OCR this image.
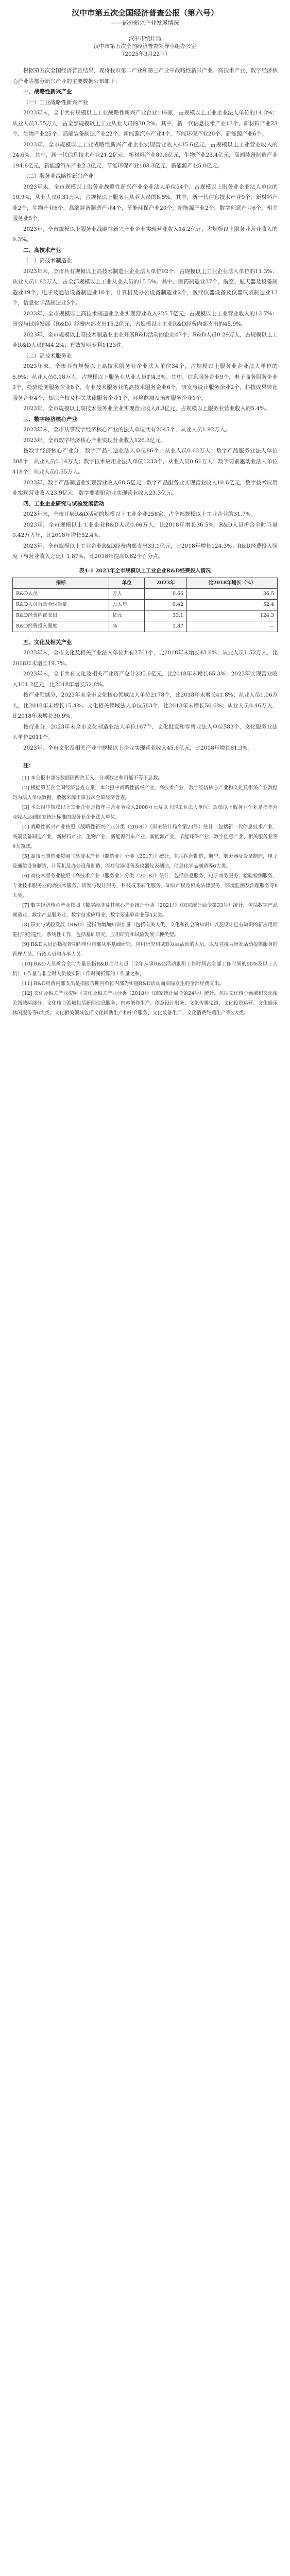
汉中市第五次全国经济普查公报（第六号）
——部分新兴产业发展情况
汉中市统计局
汉中市第五次全国经济普查领导小组办公室
（2025年3月22日）

根据第五次全国经济普查结果，现将我市第二产业和第三产业中战略性新兴产业、高技术产业、数字经济核心产业等部分新兴产业的主要数据公布如下：

一、战略性新兴产业
（一）工业战略性新兴产业

2023年末，全市共有规模以上工业战略性新兴产业企业116家，占规模以上工业企业法人单位的14.3%；从业人员3.55万人，占全部规模以上工业从业人员的30.2%。其中，新一代信息技术产业13个，新材料产业23个，生物产业25个，高端装备制造产业22个，新能源汽车产业4个，节能环保产业20个，新能源产业6个。

2023年，全市规模以上工业战略性新兴产业企业实现营业收入435.6亿元，占规模以上工业营业收入的24.6%。其中，新一代信息技术产业21.2亿元，新材料产业80.6亿元，生物产业23.4亿元，高端装备制造产业194.8亿元，新能源汽车产业2.3亿元，节能环保产业108.3亿元，新能源产业5.0亿元。

（二）服务业战略性新兴产业

2023年末，全市规模以上服务业战略性新兴产业企业法人单位54个，占规模以上服务业企业法人单位的10.9%；从业人员0.31万人，占规模以上服务业从业人员的8.5%。其中，新一代信息技术产业9个，新材料产业2个，生物产业6个，高端装备制造产业4个，节能环保产业20个，新能源产业2个，数字创意产业6个，相关服务业5个。

2023年，全市规模以上服务业战略性新兴产业企业实现营业收入14.2亿元，占规模以上服务业营业收入的9.3%。

二、高技术产业
（一）高技术制造业

2023年末，全市共有规模以上高技术制造业企业法人单位92个，占规模以上工业企业法人单位的11.3%；从业人员1.82万人，占全部规模以上工业从业人员的15.5%。其中，医药制造业37个，航空、航天器及设备制造业19个，电子及通信设备制造业16个，计算机及办公设备制造业2个，医疗仪器设备及仪器仪表制造业13个，信息化学品制造业5个。

2023年，全市规模以上高技术制造业企业实现营业收入225.7亿元，占规模以上工业营业收入的12.7%；研究与试验发展（R&D）经费内部支出15.2亿元，占规模以上工业R&D经费内部支出的45.9%。

2023年，全市规模以上高技术制造业企业开展R&D活动的企业47个，R&D人员0.29万人，占规模以上工业R&D人员的44.2%；有效发明专利1123件。

（二）高技术服务业

2023年末，全市共有规模以上高技术服务业企业法人单位34个，占规模以上服务业企业法人单位的6.9%；从业人员0.18万人，占规模以上服务业从业人员的4.9%。其中，信息服务企业9个，电子商务服务企业3个，检验检测服务企业8个，专业技术服务业的高技术服务企业6个，研发与设计服务企业2个，科技成果转化服务企业4个，知识产权及相关法律服务企业1个，环境监测及治理服务企业1个。

2023年，全市规模以上高技术服务业企业实现营业收入8.3亿元，占规模以上服务业营业收入的5.4%。

三、数字经济核心产业

2023年末，全市从事数字经济核心产业的法人单位共有2045个，从业人员1.92万人。

2023年，全市数字经济核心产业实现营业收入126.3亿元。

按数字经济核心产业分，数字产品制造业法人单位86个，从业人员0.62万人；数字产品服务业法人单位308个，从业人员0.14万人；数字技术应用业法人单位1233个，从业人员0.61万人；数字要素驱动业法人单位418个，从业人员0.55万人。

2023年，数字产品制造业实现营业收入68.5亿元，数字产品服务业实现营业收入10.6亿元，数字技术应用业实现营业收入23.9亿元，数字要素驱动业实现营业收入23.3亿元。

四、工业企业研究与试验发展活动

2023年末，全市开展R&D活动的规模以上工业企业258家，占全部规模以上工业企业的31.7%。

2023年，全市规模以上工业企业R&D人员0.66万人，比2018年增长36.5%；R&D人员折合全时当量0.42万人年，比2018年增长52.4%。

2023年，全市规模以上工业企业R&D经费内部支出33.1亿元，比2018年增长124.3%；R&D经费投入强度（与营业收入之比）1.87%，比2018年提高0.62个百分点。

表4-1 2023年全市规模以上工业企业R&D经费投入情况
指标	单位	2023年	比2018年增长（%）
R&D人员	万人	0.66	36.5
R&D人员折合全时当量	万人年	0.42	52.4
R&D经费内部支出	亿元	33.1	124.3
R&D经费投入强度	%	1.87	—
五、文化及相关产业

2023年末，全市文化及相关产业法人单位共有2761个，比2018年末增长43.6%；从业人员1.52万人，比2018年末增长19.7%。

2023年末，全市共有文化及相关产业资产总计235.6亿元，比2018年末增长65.3%；2023年实现营业收入101.2亿元，比2018年增长52.8%。

按产业领域分，2023年末全市文化核心领域法人单位2178个，比2018年末增长41.8%；从业人员1.06万人，比2018年末增长15.4%。文化相关领域法人单位583个，比2018年末增长50.6%；从业人员0.46万人，比2018年末增长30.9%。

按行业分，2023年末全市文化制造业法人单位167个，文化批发和零售业法人单位583个，文化服务业法人单位2011个。

2023年，全市文化及相关产业中规模以上企业实现营业收入45.6亿元，比2018年增长61.3%。

注：

[1] 本公报中部分数据因四舍五入，分项数之和可能不等于总数。

[2] 根据第五次全国经济普查方案，本公报中战略性新兴产业、高技术产业、数字经济核心产业和文化及相关产业数据均为法人单位数据，数据来源于第五次全国经济普查。

[3] 本公报中规模以上工业企业是指年主营业务收入2000万元及以上的工业法人单位；规模以上服务业企业是指年营业收入达到国家统计标准的服务业企业法人单位。

[4] 战略性新兴产业按照《战略性新兴产业分类（2018）》（国家统计局令第23号）统计，包括新一代信息技术产业、高端装备制造产业、新材料产业、生物产业、新能源汽车产业、新能源产业、节能环保产业、数字创意产业、相关服务业等9大领域。

[5] 高技术制造业按照《高技术产业（制造业）分类（2017）》统计，包括医药制造，航空、航天器及设备制造，电子及通信设备制造，计算机及办公设备制造，医疗仪器设备及仪器仪表制造，信息化学品制造等6大类。

[6] 高技术服务业按照《高技术产业（服务业）分类（2018）》统计，包括信息服务，电子商务服务，检验检测服务，专业技术服务业的高技术服务，研发与设计服务，科技成果转化服务，知识产权及相关法律服务，环境监测及治理服务等8大类。

[7] 数字经济核心产业按照《数字经济及其核心产业统计分类（2021）》（国家统计局令第33号）统计，包括数字产品制造业、数字产品服务业、数字技术应用业、数字要素驱动业等4大类。

[8] 研究与试验发展（R&D）是指为增加知识存量（包括有关人类、文化和社会的知识）以及设计已有知识的新应用而进行的创造性、系统性工作，包括基础研究、应用研究和试验发展三种类型。

[9] R&D人员是指报告期内单位内部从事基础研究、应用研究和试验发展活动的人员，以及直接为研发活动提供服务的管理人员、行政人员和办事人员。

[10] R&D人员折合全时当量是指R&D全时人员（全年从事R&D活动累积工作时间占全部工作时间的90%及以上人员）工作量与非全时人员按实际工作时间折算的工作量之和。

[11] R&D经费内部支出是指报告期内单位内部为实施R&D活动而实际发生的全部经费支出。

[12] 文化及相关产业按照《文化及相关产业分类（2018）》（国家统计局令第24号）统计，包括文化核心领域和文化相关领域两部分。文化核心领域包括新闻信息服务、内容创作生产、创意设计服务、文化传播渠道、文化投资运营、文化娱乐休闲服务等6大类；文化相关领域包括文化辅助生产和中介服务、文化装备生产、文化消费终端生产等3大类。
